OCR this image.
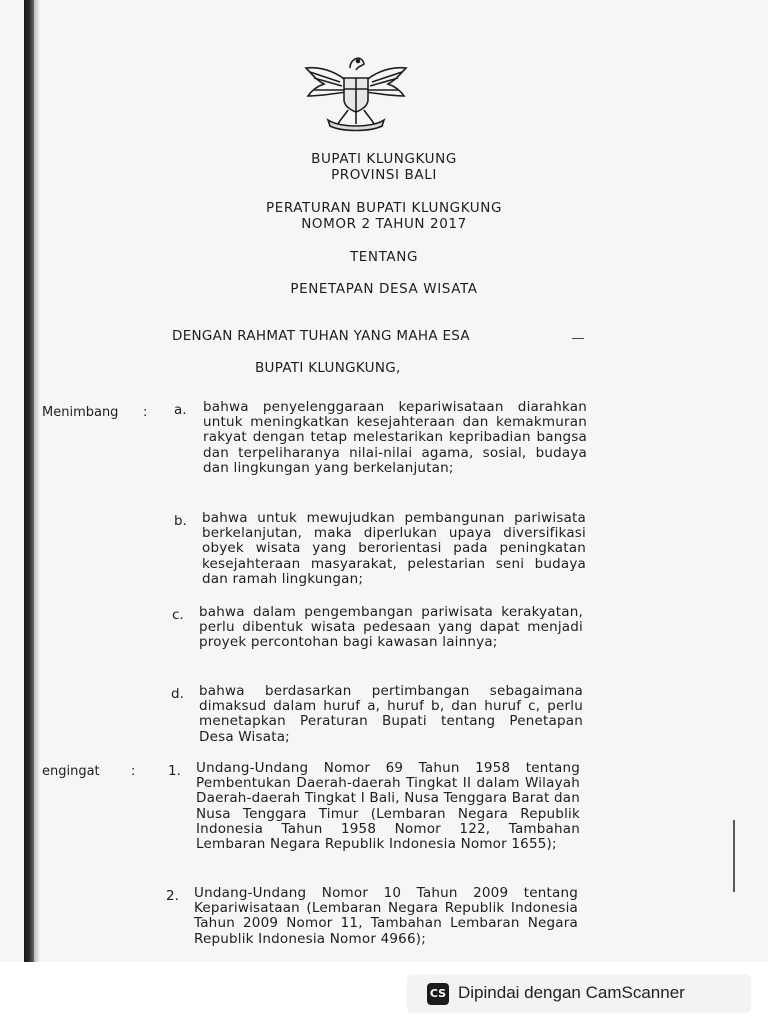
BUPATI KLUNGKUNG
PROVINSI BALI
PERATURAN BUPATI KLUNGKUNG
NOMOR 2 TAHUN 2017
TENTANG
PENETAPAN DESA WISATA
DENGAN RAHMAT TUHAN YANG MAHA ESA
BUPATI KLUNGKUNG,
Menimbang : a. bahwa penyelenggaraan kepariwisataan diarahkan untuk meningkatkan kesejahteraan dan kemakmuran rakyat dengan tetap melestarikan kepribadian bangsa dan terpeliharanya nilai-nilai agama, sosial, budaya dan lingkungan yang berkelanjutan;
b. bahwa untuk mewujudkan pembangunan pariwisata berkelanjutan, maka diperlukan upaya diversifikasi obyek wisata yang berorientasi pada peningkatan kesejahteraan masyarakat, pelestarian seni budaya dan ramah lingkungan;
c. bahwa dalam pengembangan pariwisata kerakyatan, perlu dibentuk wisata pedesaan yang dapat menjadi proyek percontohan bagi kawasan lainnya;
d. bahwa berdasarkan pertimbangan sebagaimana dimaksud dalam huruf a, huruf b, dan huruf c, perlu menetapkan Peraturan Bupati tentang Penetapan Desa Wisata;
engingat : 1. Undang-Undang Nomor 69 Tahun 1958 tentang Pembentukan Daerah-daerah Tingkat II dalam Wilayah Daerah-daerah Tingkat I Bali, Nusa Tenggara Barat dan Nusa Tenggara Timur (Lembaran Negara Republik Indonesia Tahun 1958 Nomor 122, Tambahan Lembaran Negara Republik Indonesia Nomor 1655);
2. Undang-Undang Nomor 10 Tahun 2009 tentang Kepariwisataan (Lembaran Negara Republik Indonesia Tahun 2009 Nomor 11, Tambahan Lembaran Negara Republik Indonesia Nomor 4966);
CS Dipindai dengan CamScanner
